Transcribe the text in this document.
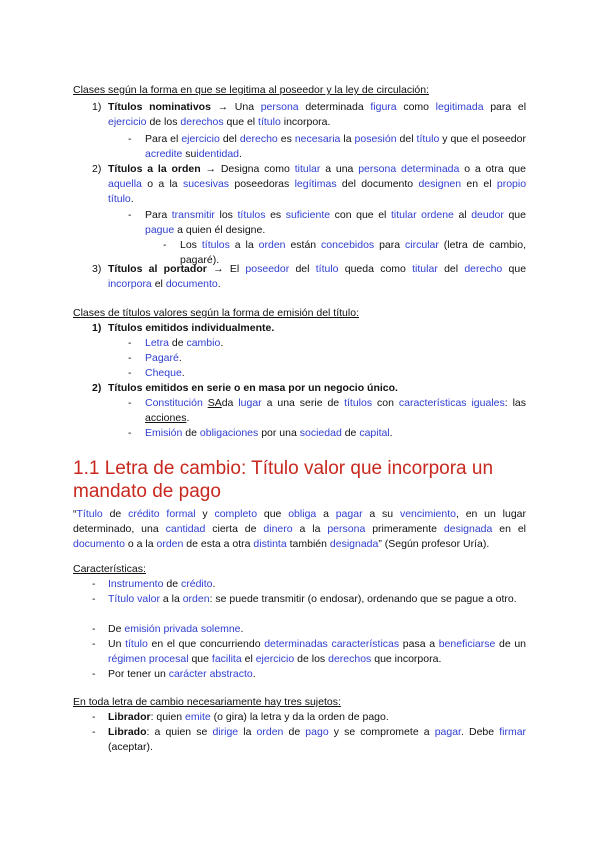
Clases según la forma en que se legitima al poseedor y la ley de circulación:
1) Títulos nominativos → Una persona determinada figura como legitimada para el ejercicio de los derechos que el título incorpora.
- Para el ejercicio del derecho es necesaria la posesión del título y que el poseedor acredite suidentidad.
2) Títulos a la orden → Designa como titular a una persona determinada o a otra que aquella o a la sucesivas poseedoras legítimas del documento designen en el propio título.
- Para transmitir los títulos es suficiente con que el titular ordene al deudor que pague a quien él designe.
- Los títulos a la orden están concebidos para circular (letra de cambio, pagaré).
3) Títulos al portador → El poseedor del título queda como titular del derecho que incorpora el documento.
Clases de títulos valores según la forma de emisión del título:
1) Títulos emitidos individualmente.
- Letra de cambio.
- Pagaré.
- Cheque.
2) Títulos emitidos en serie o en masa por un negocio único.
- Constitución SAda lugar a una serie de títulos con características iguales: las acciones.
- Emisión de obligaciones por una sociedad de capital.
1.1 Letra de cambio: Título valor que incorpora un
mandato de pago
“Título de crédito formal y completo que obliga a pagar a su vencimiento, en un lugar determinado, una cantidad cierta de dinero a la persona primeramente designada en el documento o a la orden de esta a otra distinta también designada” (Según profesor Uría).
Características:
- Instrumento de crédito.
- Título valor a la orden: se puede transmitir (o endosar), ordenando que se pague a otro.
- De emisión privada solemne.
- Un título en el que concurriendo determinadas características pasa a beneficiarse de un régimen procesal que facilita el ejercicio de los derechos que incorpora.
- Por tener un carácter abstracto.
En toda letra de cambio necesariamente hay tres sujetos:
- Librador: quien emite (o gira) la letra y da la orden de pago.
- Librado: a quien se dirige la orden de pago y se compromete a pagar. Debe firmar (aceptar).
